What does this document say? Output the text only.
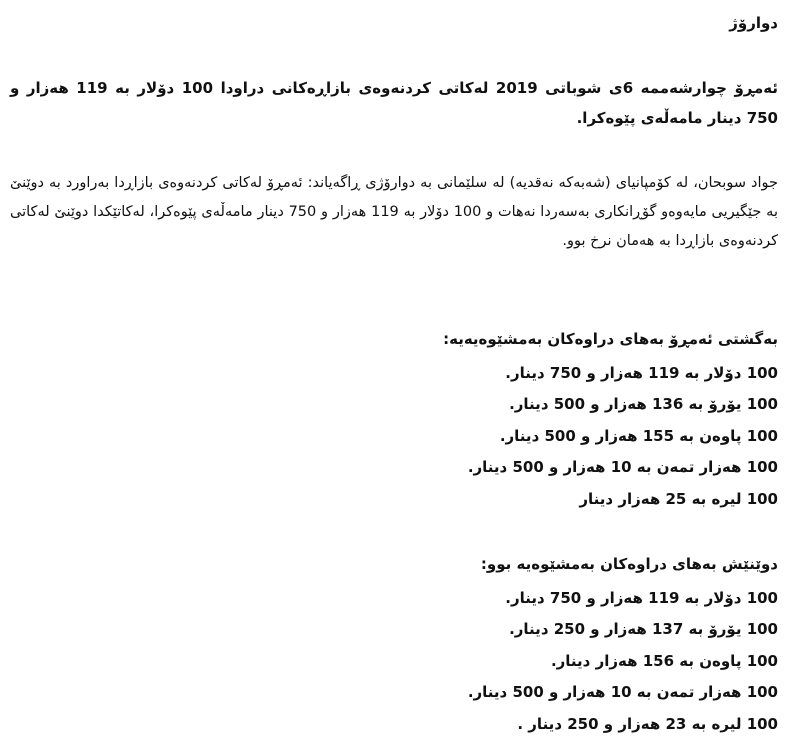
دوارۆژ
ئەمڕۆ چوارشەممە 6ی شوباتی 2019 لەکاتی کردنەوەی بازاڕەکانی دراودا 100 دۆلار بە 119 هەزار و 750 دینار مامەڵەی پێوەکرا.
جواد سوبحان، لە کۆمپانیای (شەبەکە نەقدیە) لە سلێمانی بە دوارۆژی ڕاگەیاند: ئەمڕۆ لەکاتی کردنەوەی بازاڕدا بەراورد بە دوێنێ بە جێگیریی مایەوەو گۆڕانکاری بەسەردا نەهات و 100 دۆلار بە 119 هەزار و 750 دینار مامەڵەی پێوەکرا، لەکاتێکدا دوێنێ لەکاتی کردنەوەی بازاڕدا بە هەمان نرخ بوو.
بەگشتی ئەمڕۆ بەهای دراوەکان بەمشێوەیەیە:
100 دۆلار بە 119 هەزار و 750 دینار.
100 یۆرۆ بە 136 هەزار و 500 دینار.
100 پاوەن بە 155 هەزار و 500 دینار.
100 هەزار تمەن بە 10 هەزار و 500 دینار.
100 لیرە بە 25 هەزار دینار
دوێنێش بەهای دراوەکان بەمشێوەیە بوو:
100 دۆلار بە 119 هەزار و 750 دینار.
100 یۆرۆ بە 137 هەزار و 250 دینار.
100 پاوەن بە 156 هەزار دینار.
100 هەزار تمەن بە 10 هەزار و 500 دینار.
100 لیرە بە 23 هەزار و 250 دینار .
